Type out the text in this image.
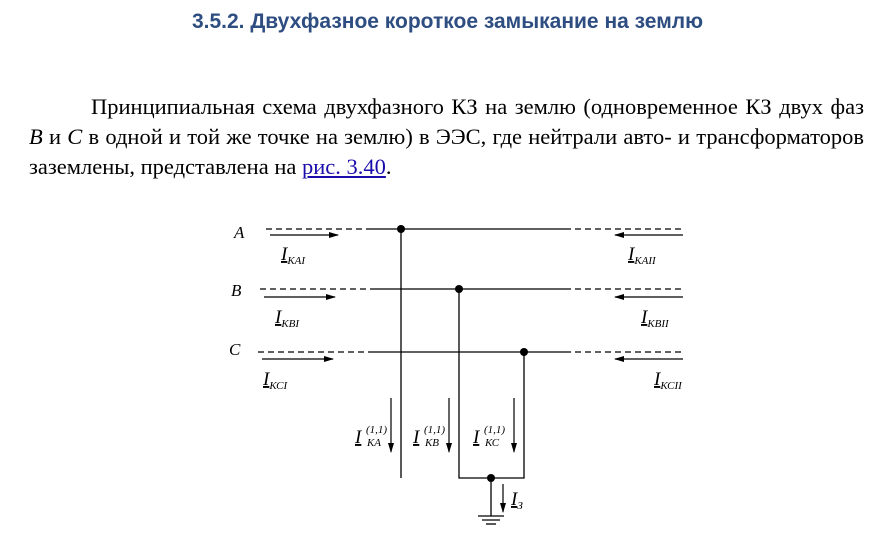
3.5.2. Двухфазное короткое замыкание на землю
Принципиальная схема двухфазного КЗ на землю (одновременное КЗ двух фаз B и C в одной и той же точке на землю) в ЭЭС, где нейтрали авто- и трансформаторов заземлены, представлена на рис. 3.40.
A
B
C
$I_{КАI}$
$I_{КВI}$
$I_{КСI}$
$I_{КАII}$
$I_{КВII}$
$I_{КСII}$
I (1,1)
КА I (1,1)
КВ I (1,1)
КС
$I_З$
